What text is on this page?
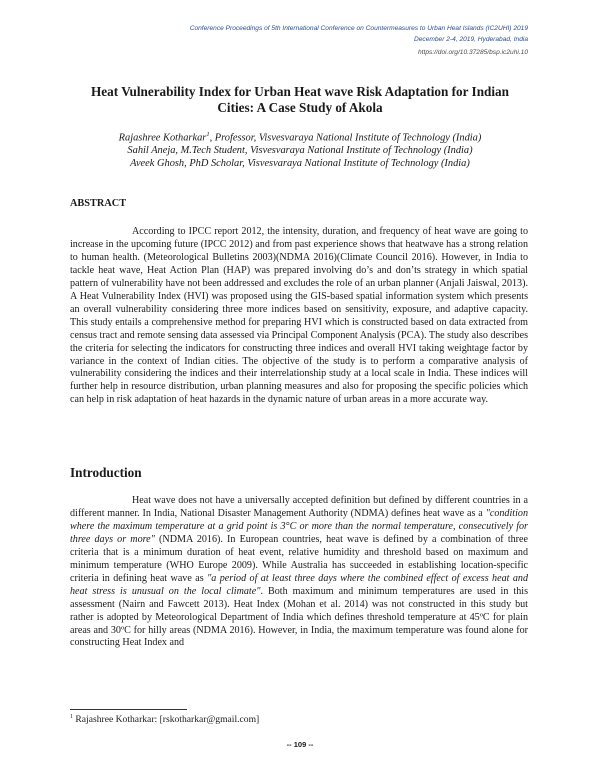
Conference Proceedings of 5th International Conference on Countermeasures to Urban Heat Islands (IC2UHI) 2019
December 2-4, 2019, Hyderabad, India
https://doi.org/10.37285/bsp.ic2uhi.10
Heat Vulnerability Index for Urban Heat wave Risk Adaptation for Indian Cities: A Case Study of Akola
Rajashree Kotharkar$^1$, Professor, Visvesvaraya National Institute of Technology (India)
Sahil Aneja, M.Tech Student, Visvesvaraya National Institute of Technology (India)
Aveek Ghosh, PhD Scholar, Visvesvaraya National Institute of Technology (India)
ABSTRACT

According to IPCC report 2012, the intensity, duration, and frequency of heat wave are going to increase in the upcoming future (IPCC 2012) and from past experience shows that heatwave has a strong relation to human health. (Meteorological Bulletins 2003)(NDMA 2016)(Climate Council 2016). However, in India to tackle heat wave, Heat Action Plan (HAP) was prepared involving do’s and don’ts strategy in which spatial pattern of vulnerability have not been addressed and excludes the role of an urban planner (Anjali Jaiswal, 2013). A Heat Vulnerability Index (HVI) was proposed using the GIS-based spatial information system which presents an overall vulnerability considering three more indices based on sensitivity, exposure, and adaptive capacity. This study entails a comprehensive method for preparing HVI which is constructed based on data extracted from census tract and remote sensing data assessed via Principal Component Analysis (PCA). The study also describes the criteria for selecting the indicators for constructing three indices and overall HVI taking weightage factor by variance in the context of Indian cities. The objective of the study is to perform a comparative analysis of vulnerability considering the indices and their interrelationship study at a local scale in India. These indices will further help in resource distribution, urban planning measures and also for proposing the specific policies which can help in risk adaptation of heat hazards in the dynamic nature of urban areas in a more accurate way.

Introduction

Heat wave does not have a universally accepted definition but defined by different countries in a different manner. In India, National Disaster Management Authority (NDMA) defines heat wave as a "condition where the maximum temperature at a grid point is 3°C or more than the normal temperature, consecutively for three days or more" (NDMA 2016). In European countries, heat wave is defined by a combination of three criteria that is a minimum duration of heat event, relative humidity and threshold based on maximum and minimum temperature (WHO Europe 2009). While Australia has succeeded in establishing location-specific criteria in defining heat wave as "a period of at least three days where the combined effect of excess heat and heat stress is unusual on the local climate". Both maximum and minimum temperatures are used in this assessment (Nairn and Fawcett 2013). Heat Index (Mohan et al. 2014) was not constructed in this study but rather is adopted by Meteorological Department of India which defines threshold temperature at 45ºC for plain areas and 30ºC for hilly areas (NDMA 2016). However, in India, the maximum temperature was found alone for constructing Heat Index and

$^1$ Rajashree Kotharkar: [rskotharkar@gmail.com]
-- 109 --
